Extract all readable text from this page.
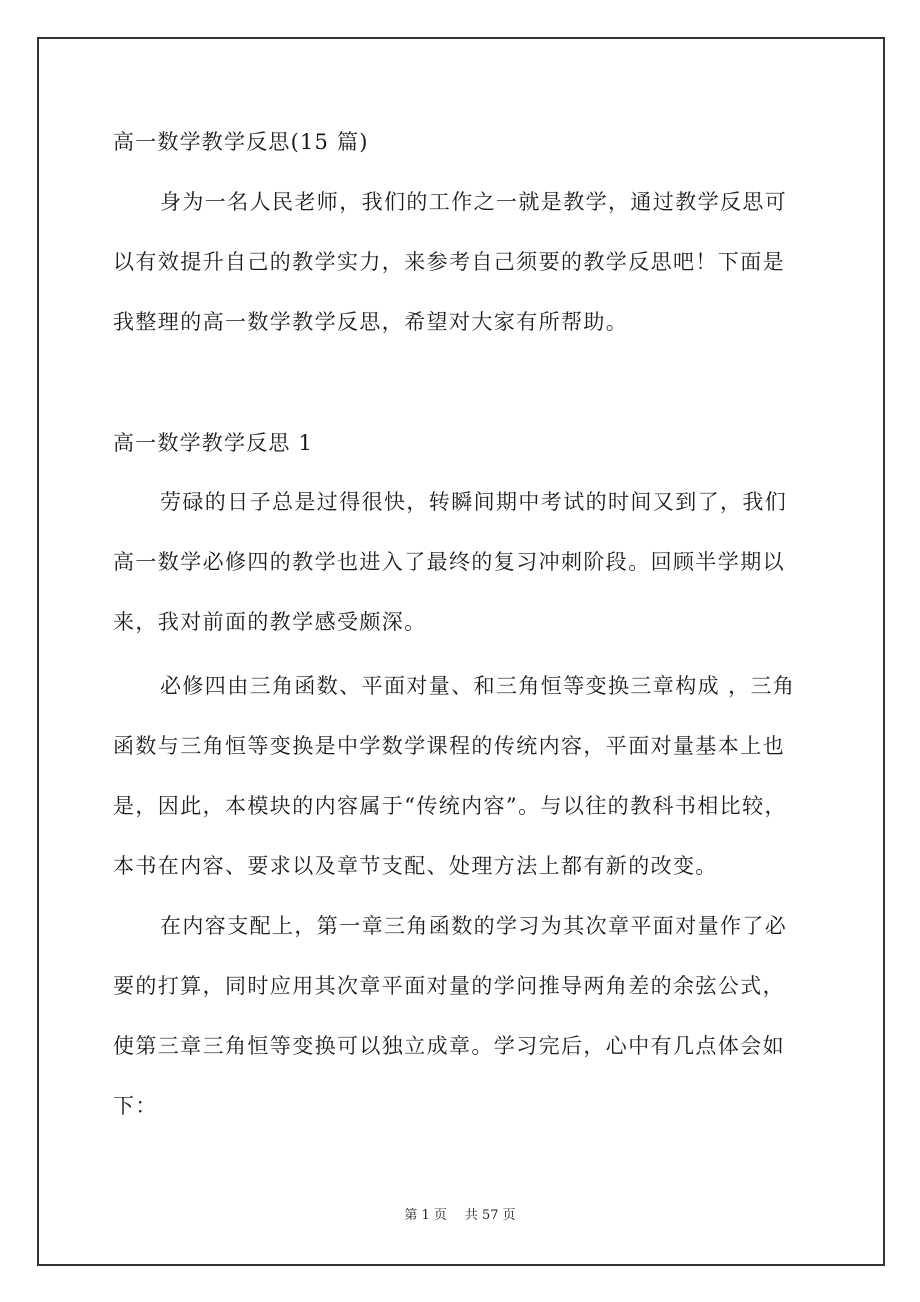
高一数学教学反思(15 篇)
身为一名人民老师，我们的工作之一就是教学，通过教学反思可
以有效提升自己的教学实力，来参考自己须要的教学反思吧！下面是
我整理的高一数学教学反思，希望对大家有所帮助。
高一数学教学反思 1
劳碌的日子总是过得很快，转瞬间期中考试的时间又到了，我们
高一数学必修四的教学也进入了最终的复习冲刺阶段。回顾半学期以
来，我对前面的教学感受颇深。
必修四由三角函数、平面对量、和三角恒等变换三章构成 ，三角
函数与三角恒等变换是中学数学课程的传统内容，平面对量基本上也
是，因此，本模块的内容属于“传统内容”。与以往的教科书相比较，
本书在内容、要求以及章节支配、处理方法上都有新的改变。
在内容支配上，第一章三角函数的学习为其次章平面对量作了必
要的打算，同时应用其次章平面对量的学问推导两角差的余弦公式，
使第三章三角恒等变换可以独立成章。学习完后，心中有几点体会如
下：
第 1 页 共 57 页
